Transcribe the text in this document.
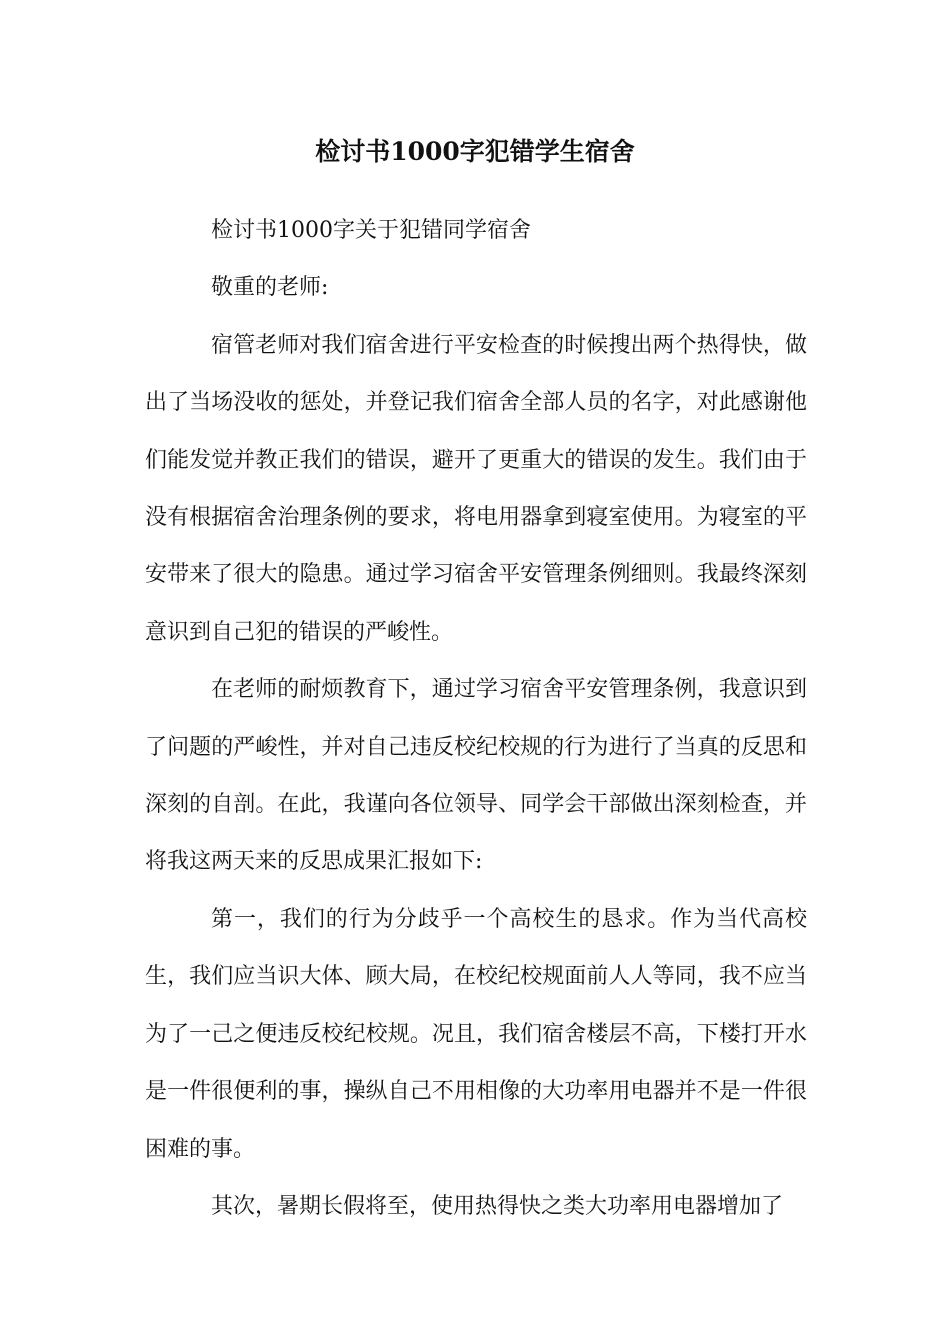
检讨书1000字犯错学生宿舍

检讨书1000字关于犯错同学宿舍

敬重的老师:

宿管老师对我们宿舍进行平安检查的时候搜出两个热得快，做出了当场没收的惩处，并登记我们宿舍全部人员的名字，对此感谢他们能发觉并教正我们的错误，避开了更重大的错误的发生。我们由于没有根据宿舍治理条例的要求，将电用器拿到寝室使用。为寝室的平安带来了很大的隐患。通过学习宿舍平安管理条例细则。我最终深刻意识到自己犯的错误的严峻性。

在老师的耐烦教育下，通过学习宿舍平安管理条例，我意识到了问题的严峻性，并对自己违反校纪校规的行为进行了当真的反思和深刻的自剖。在此，我谨向各位领导、同学会干部做出深刻检查，并将我这两天来的反思成果汇报如下:

第一，我们的行为分歧乎一个高校生的恳求。作为当代高校生，我们应当识大体、顾大局，在校纪校规面前人人等同，我不应当为了一己之便违反校纪校规。况且，我们宿舍楼层不高，下楼打开水是一件很便利的事，操纵自己不用相像的大功率用电器并不是一件很困难的事。

其次，暑期长假将至，使用热得快之类大功率用电器增加了
